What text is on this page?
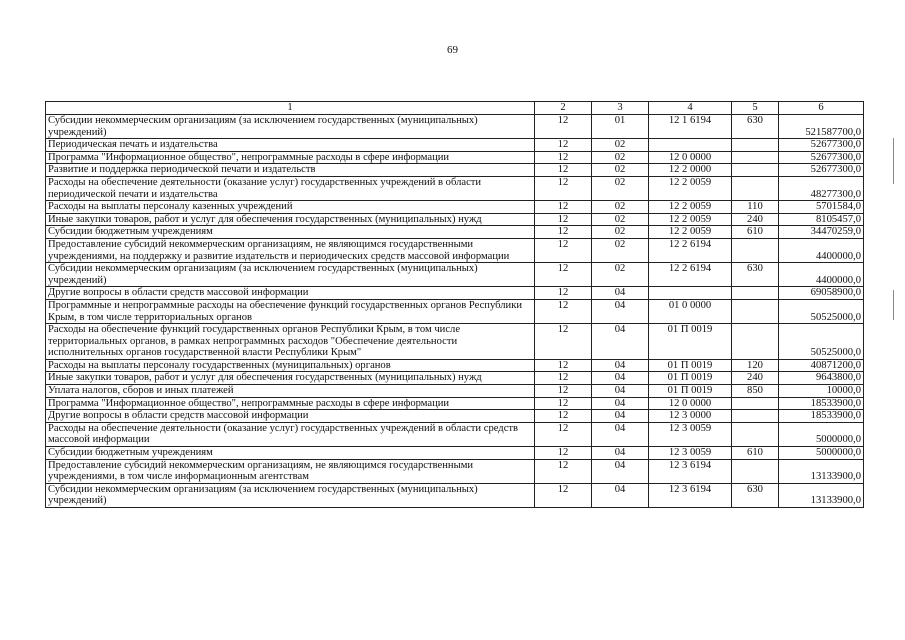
69
1	2	3	4	5	6
Субсидии некоммерческим организациям (за исключением государственных (муниципальных) учреждений)	12	01	12 1 6194	630	521587700,0
Периодическая печать и издательства	12	02			52677300,0
Программа "Информационное общество", непрограммные расходы в сфере информации	12	02	12 0 0000		52677300,0
Развитие и поддержка периодической печати и издательств	12	02	12 2 0000		52677300,0
Расходы на обеспечение деятельности (оказание услуг) государственных учреждений в области периодической печати и издательства	12	02	12 2 0059		48277300,0
Расходы на выплаты персоналу казенных учреждений	12	02	12 2 0059	110	5701584,0
Иные закупки товаров, работ и услуг для обеспечения государственных (муниципальных) нужд	12	02	12 2 0059	240	8105457,0
Субсидии бюджетным учреждениям	12	02	12 2 0059	610	34470259,0
Предоставление субсидий некоммерческим организациям, не являющимся государственными учреждениями, на поддержку и развитие издательств и периодических средств массовой информации	12	02	12 2 6194		4400000,0
Субсидии некоммерческим организациям (за исключением государственных (муниципальных) учреждений)	12	02	12 2 6194	630	4400000,0
Другие вопросы в области средств массовой информации	12	04			69058900,0
Программные и непрограммные расходы на обеспечение функций государственных органов Республики Крым, в том числе территориальных органов	12	04	01 0 0000		50525000,0
Расходы на обеспечение функций государственных органов Республики Крым, в том числе территориальных органов, в рамках непрограммных расходов "Обеспечение деятельности исполнительных органов государственной власти Республики Крым"	12	04	01 П 0019		50525000,0
Расходы на выплаты персоналу государственных (муниципальных) органов	12	04	01 П 0019	120	40871200,0
Иные закупки товаров, работ и услуг для обеспечения государственных (муниципальных) нужд	12	04	01 П 0019	240	9643800,0
Уплата налогов, сборов и иных платежей	12	04	01 П 0019	850	10000,0
Программа "Информационное общество", непрограммные расходы в сфере информации	12	04	12 0 0000		18533900,0
Другие вопросы в области средств массовой информации	12	04	12 3 0000		18533900,0
Расходы на обеспечение деятельности (оказание услуг) государственных учреждений в области средств массовой информации	12	04	12 3 0059		5000000,0
Субсидии бюджетным учреждениям	12	04	12 3 0059	610	5000000,0
Предоставление субсидий некоммерческим организациям, не являющимся государственными учреждениями, в том числе информационным агентствам	12	04	12 3 6194		13133900,0
Субсидии некоммерческим организациям (за исключением государственных (муниципальных) учреждений)	12	04	12 3 6194	630	13133900,0
